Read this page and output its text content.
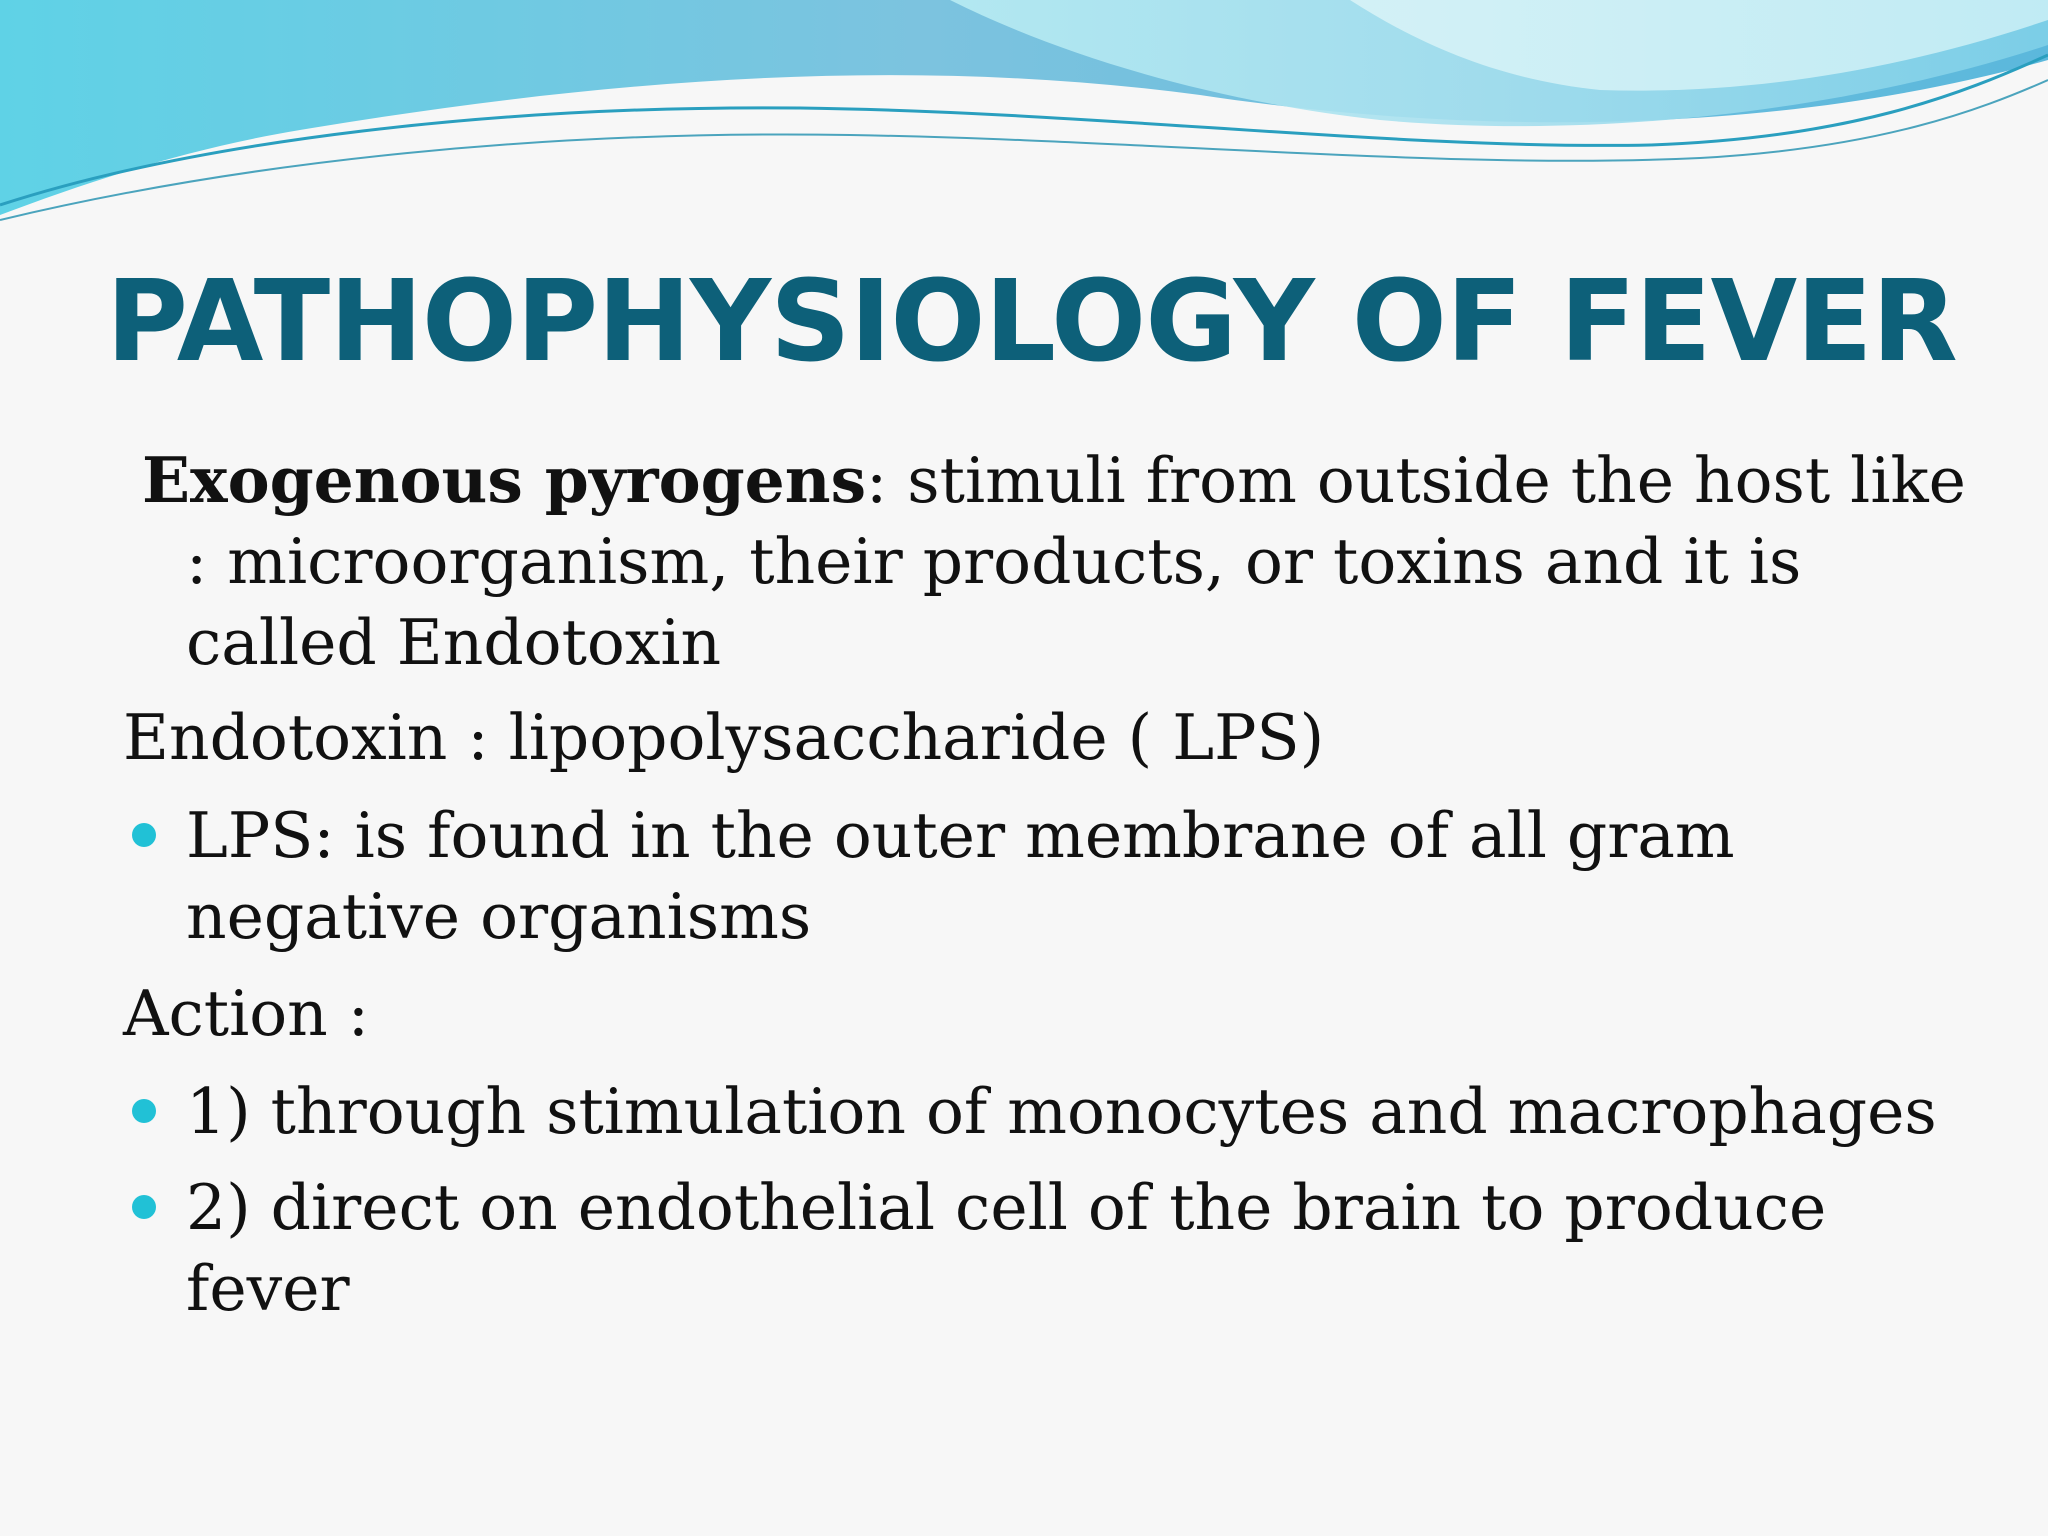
PATHOPHYSIOLOGY OF FEVER

Exogenous pyrogens: stimuli from outside the host like : microorganism, their products, or toxins and it is called Endotoxin

Endotoxin : lipopolysaccharide ( LPS)

LPS: is found in the outer membrane of all gram negative organisms

Action :

1) through stimulation of monocytes and macrophages

2) direct on endothelial cell of the brain to produce fever
